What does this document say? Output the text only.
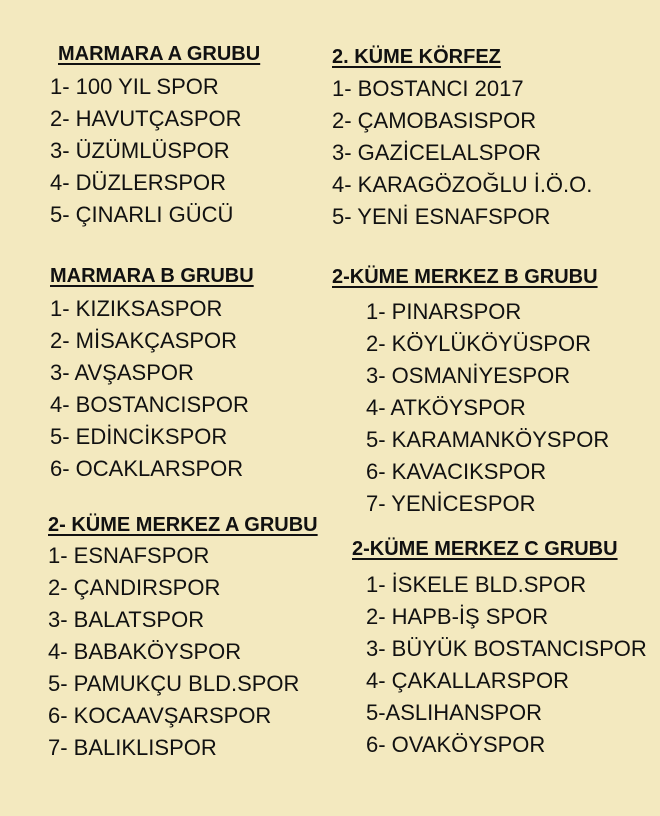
MARMARA A GRUBU
1- 100 YIL SPOR
2- HAVUTÇASPOR
3- ÜZÜMLÜSPOR
4- DÜZLERSPOR
5- ÇINARLI GÜCÜ
MARMARA B GRUBU
1- KIZIKSASPOR
2- MİSAKÇASPOR
3- AVŞASPOR
4- BOSTANCISPOR
5- EDİNCİKSPOR
6- OCAKLARSPOR
2- KÜME MERKEZ A GRUBU
1- ESNAFSPOR
2- ÇANDIRSPOR
3- BALATSPOR
4- BABAKÖYSPOR
5- PAMUKÇU BLD.SPOR
6- KOCAAVŞARSPOR
7- BALIKLISPOR
2. KÜME KÖRFEZ
1- BOSTANCI 2017
2- ÇAMOBASISPOR
3- GAZİCELALSPOR
4- KARAGÖZOĞLU İ.Ö.O.
5- YENİ ESNAFSPOR
2-KÜME MERKEZ B GRUBU
1- PINARSPOR
2- KÖYLÜKÖYÜSPOR
3- OSMANİYESPOR
4- ATKÖYSPOR
5- KARAMANKÖYSPOR
6- KAVACIKSPOR
7- YENİCESPOR
2-KÜME MERKEZ C GRUBU
1- İSKELE BLD.SPOR
2- HAPB-İŞ SPOR
3- BÜYÜK BOSTANCISPOR
4- ÇAKALLARSPOR
5-ASLIHANSPOR
6- OVAKÖYSPOR
